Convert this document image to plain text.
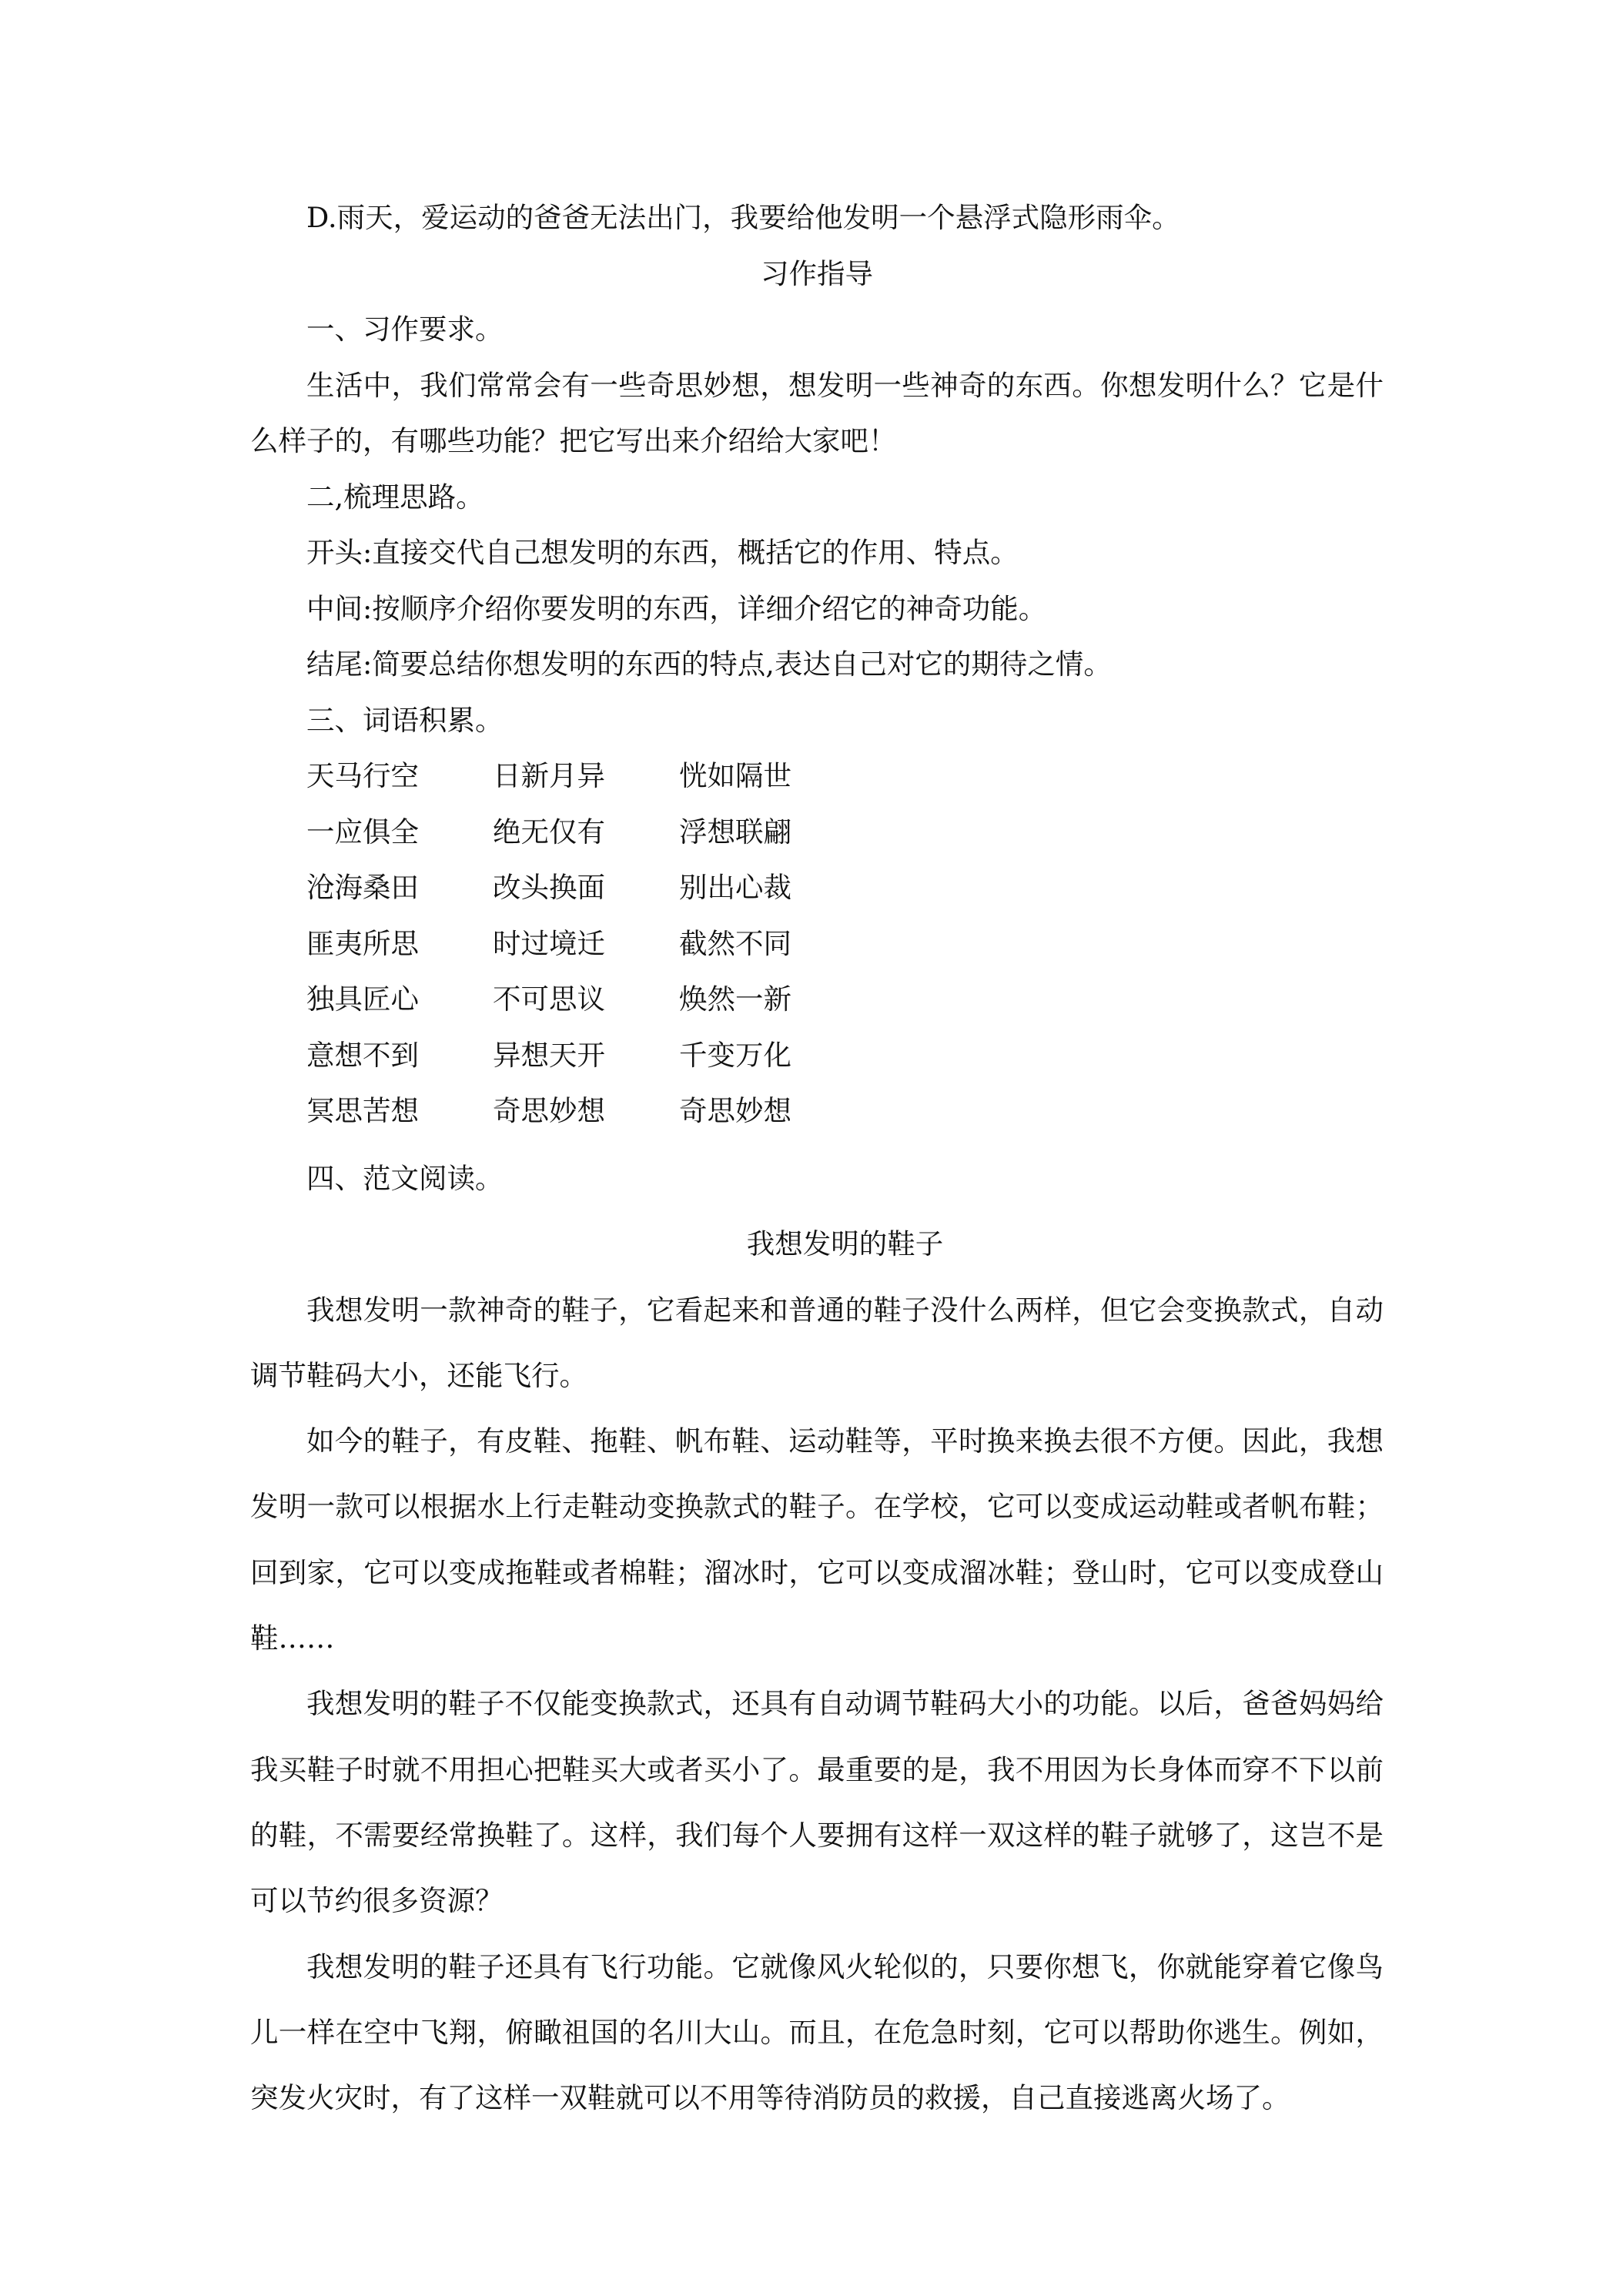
D.雨天，爱运动的爸爸无法出门，我要给他发明一个悬浮式隐形雨伞。
习作指导
一、习作要求。
生活中，我们常常会有一些奇思妙想，想发明一些神奇的东西。你想发明什么？它是什
么样子的，有哪些功能？把它写出来介绍给大家吧！
二,梳理思路。
开头:直接交代自己想发明的东西，概括它的作用、特点。
中间:按顺序介绍你要发明的东西，详细介绍它的神奇功能。
结尾:简要总结你想发明的东西的特点,表达自己对它的期待之情。
三、词语积累。
天马行空	日新月异	恍如隔世
一应俱全	绝无仅有	浮想联翩
沧海桑田	改头换面	别出心裁
匪夷所思	时过境迁	截然不同
独具匠心	不可思议	焕然一新
意想不到	异想天开	千变万化
冥思苦想	奇思妙想	奇思妙想
四、范文阅读。
我想发明的鞋子
我想发明一款神奇的鞋子，它看起来和普通的鞋子没什么两样，但它会变换款式，自动
调节鞋码大小，还能飞行。
如今的鞋子，有皮鞋、拖鞋、帆布鞋、运动鞋等，平时换来换去很不方便。因此，我想
发明一款可以根据水上行走鞋动变换款式的鞋子。在学校，它可以变成运动鞋或者帆布鞋；
回到家，它可以变成拖鞋或者棉鞋；溜冰时，它可以变成溜冰鞋；登山时，它可以变成登山
鞋……
我想发明的鞋子不仅能变换款式，还具有自动调节鞋码大小的功能。以后，爸爸妈妈给
我买鞋子时就不用担心把鞋买大或者买小了。最重要的是，我不用因为长身体而穿不下以前
的鞋，不需要经常换鞋了。这样，我们每个人要拥有这样一双这样的鞋子就够了，这岂不是
可以节约很多资源？
我想发明的鞋子还具有飞行功能。它就像风火轮似的，只要你想飞，你就能穿着它像鸟
儿一样在空中飞翔，俯瞰祖国的名川大山。而且，在危急时刻，它可以帮助你逃生。例如，
突发火灾时，有了这样一双鞋就可以不用等待消防员的救援，自己直接逃离火场了。
